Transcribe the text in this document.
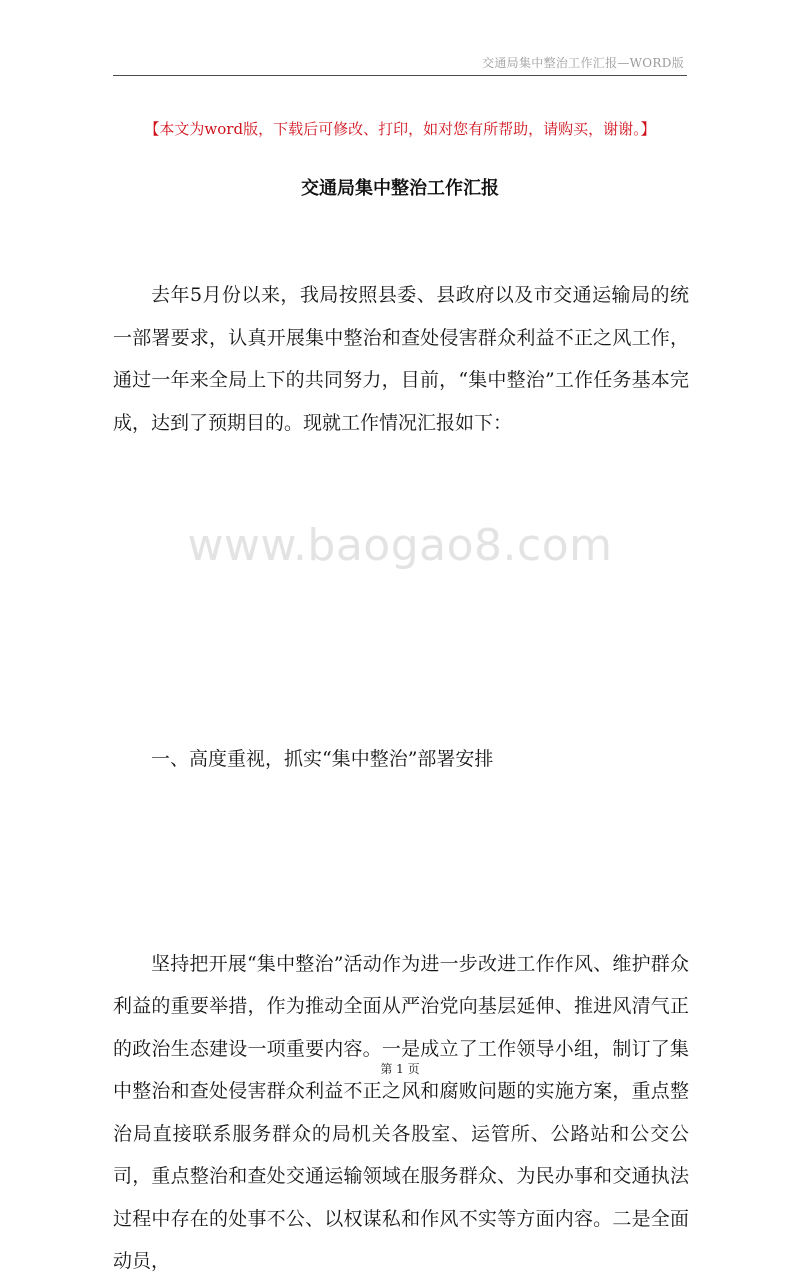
交通局集中整治工作汇报—WORD版
【本文为word版，下载后可修改、打印，如对您有所帮助，请购买，谢谢。】
交通局集中整治工作汇报
www.baogao8.com

去年5月份以来，我局按照县委、县政府以及市交通运输局的统一部署要求，认真开展集中整治和查处侵害群众利益不正之风工作，通过一年来全局上下的共同努力，目前，“集中整治”工作任务基本完成，达到了预期目的。现就工作情况汇报如下：

一、高度重视，抓实“集中整治”部署安排

坚持把开展“集中整治”活动作为进一步改进工作作风、维护群众利益的重要举措，作为推动全面从严治党向基层延伸、推进风清气正的政治生态建设一项重要内容。一是成立了工作领导小组，制订了集中整治和查处侵害群众利益不正之风和腐败问题的实施方案，重点整治局直接联系服务群众的局机关各股室、运管所、公路站和公交公司，重点整治和查处交通运输领域在服务群众、为民办事和交通执法过程中存在的处事不公、以权谋私和作风不实等方面内容。二是全面动员，

第 1 页
